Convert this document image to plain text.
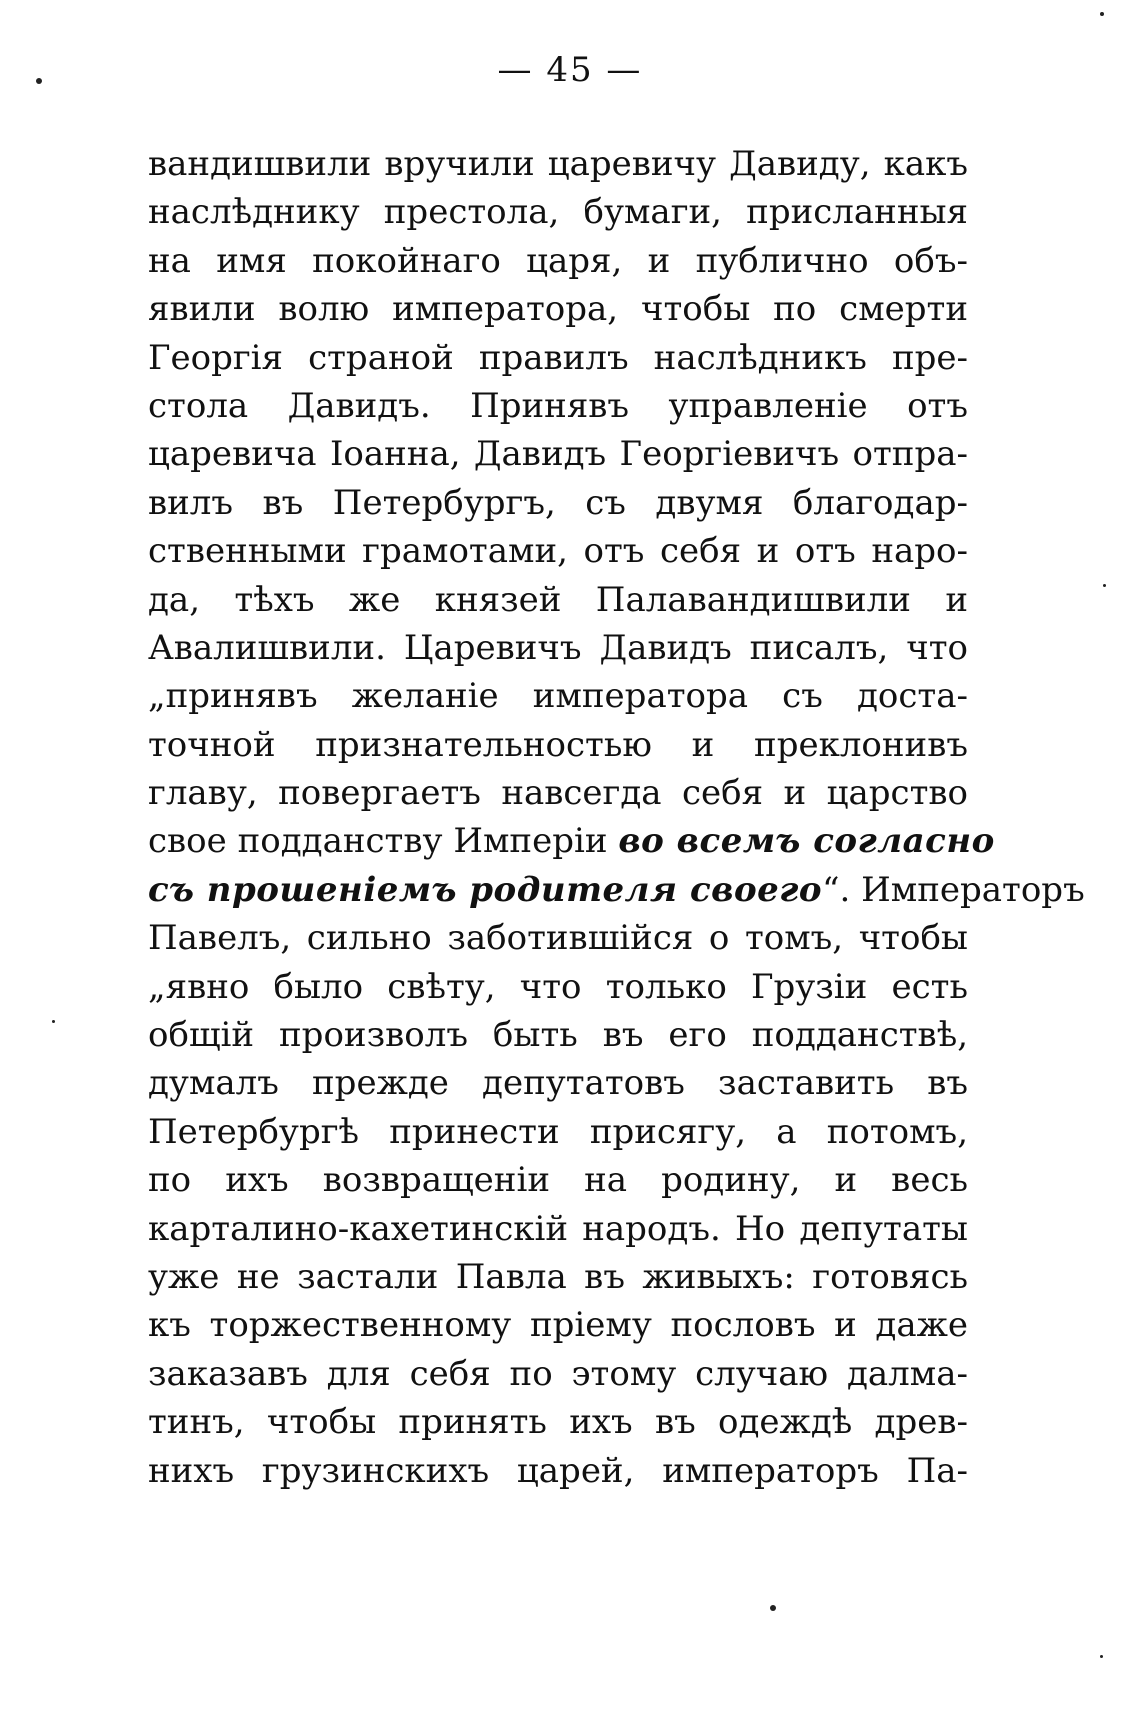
— 45 —
вандишвили вручили царевичу Давиду, какъ
наслѣднику престола, бумаги, присланныя
на имя покойнаго царя, и публично объ-
явили волю императора, чтобы по смерти
Георгія страной правилъ наслѣдникъ пре-
стола Давидъ. Принявъ управленіе отъ
царевича Іоанна, Давидъ Георгіевичъ отпра-
вилъ въ Петербургъ, съ двумя благодар-
ственными грамотами, отъ себя и отъ наро-
да, тѣхъ же князей Палавандишвили и
Авалишвили. Царевичъ Давидъ писалъ, что
„принявъ желаніе императора съ доста-
точной признательностью и преклонивъ
главу, повергаетъ навсегда себя и царство
свое подданству Имперіи во всемъ согласно
съ прошеніемъ родителя своего“. Императоръ
Павелъ, сильно заботившійся о томъ, чтобы
„явно было свѣту, что только Грузіи есть
общій произволъ быть въ его подданствѣ,
думалъ прежде депутатовъ заставить въ
Петербургѣ принести присягу, а потомъ,
по ихъ возвращеніи на родину, и весь
карталино-кахетинскій народъ. Но депутаты
уже не застали Павла въ живыхъ: готовясь
къ торжественному пріему пословъ и даже
заказавъ для себя по этому случаю далма-
тинъ, чтобы принять ихъ въ одеждѣ древ-
нихъ грузинскихъ царей, императоръ Па-
